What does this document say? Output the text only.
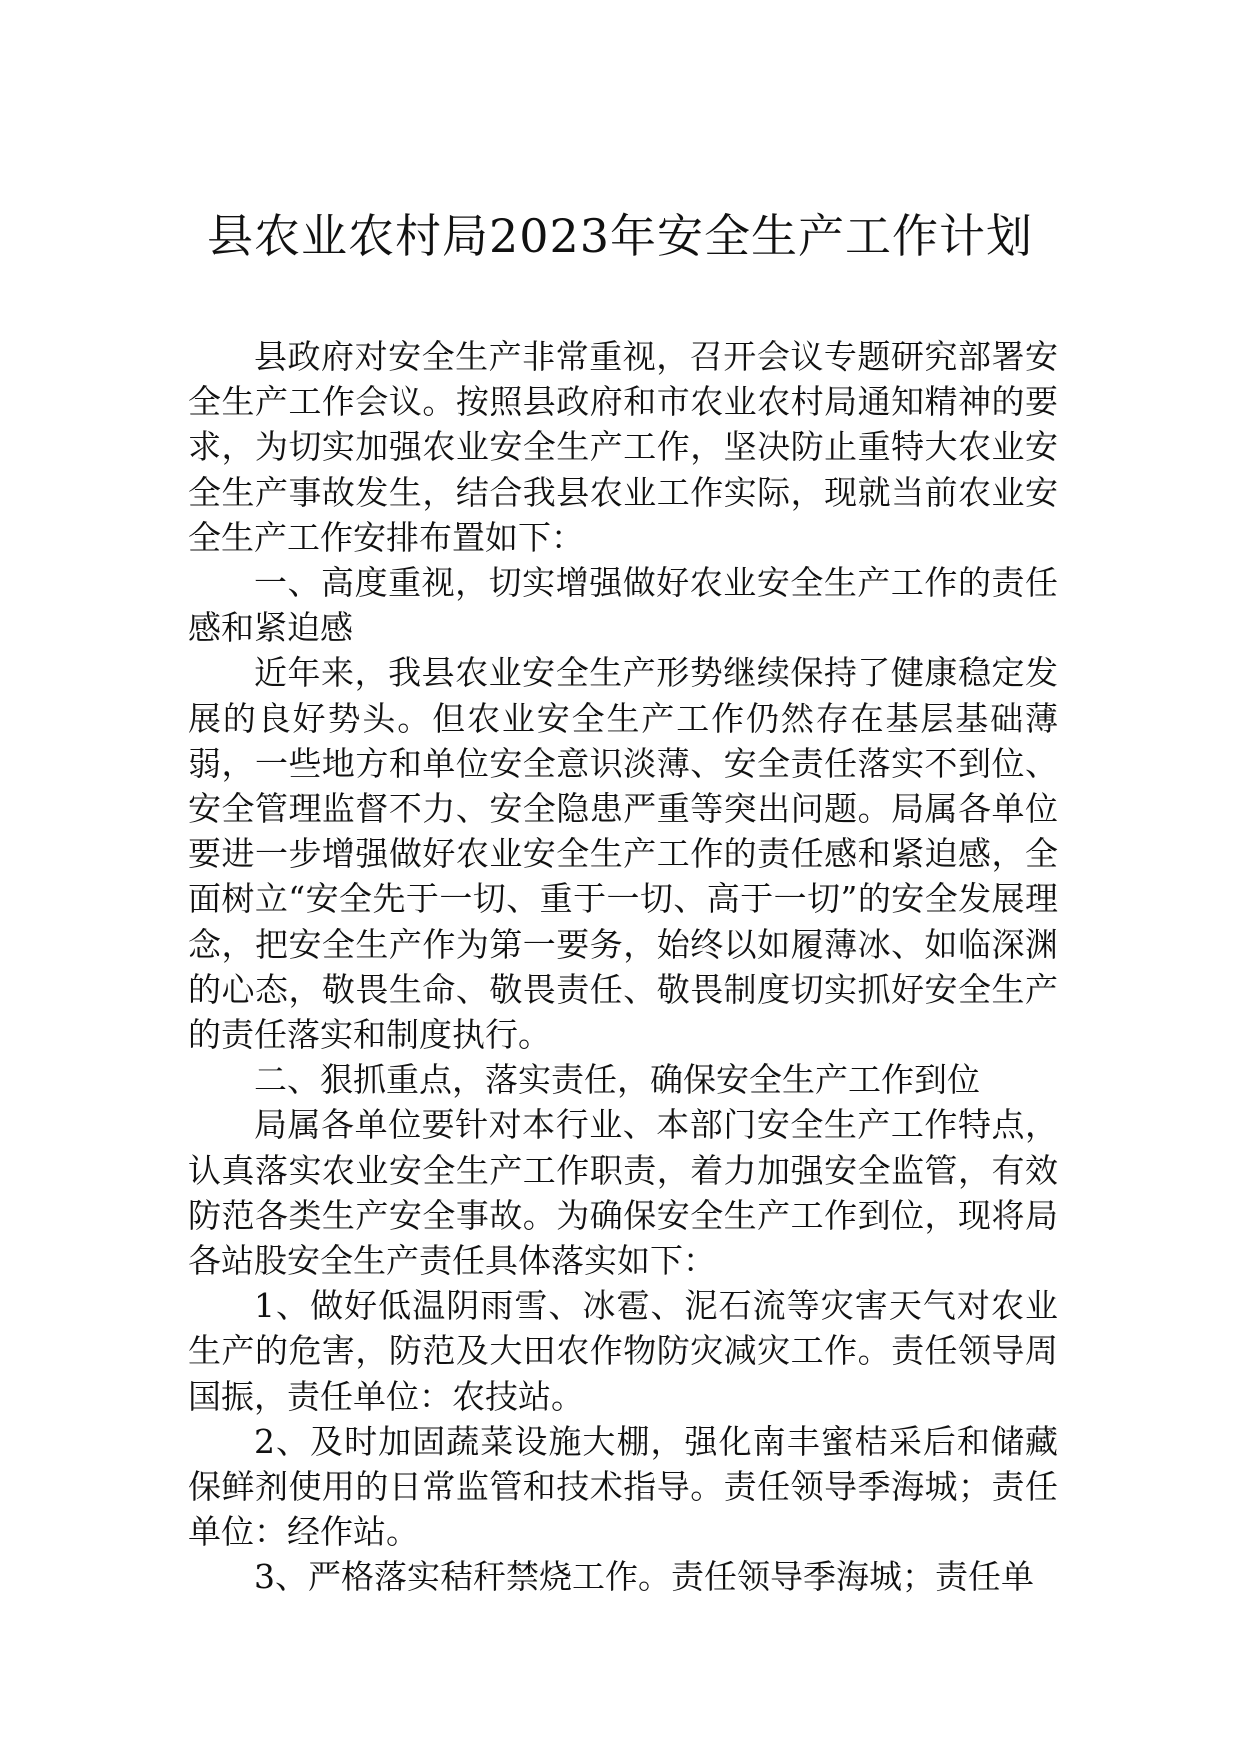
县农业农村局2023年安全生产工作计划

县政府对安全生产非常重视，召开会议专题研究部署安全生产工作会议。按照县政府和市农业农村局通知精神的要求，为切实加强农业安全生产工作，坚决防止重特大农业安全生产事故发生，结合我县农业工作实际，现就当前农业安全生产工作安排布置如下：

一、高度重视，切实增强做好农业安全生产工作的责任感和紧迫感

近年来，我县农业安全生产形势继续保持了健康稳定发展的良好势头。但农业安全生产工作仍然存在基层基础薄弱，一些地方和单位安全意识淡薄、安全责任落实不到位、安全管理监督不力、安全隐患严重等突出问题。局属各单位要进一步增强做好农业安全生产工作的责任感和紧迫感，全面树立“安全先于一切、重于一切、高于一切”的安全发展理念，把安全生产作为第一要务，始终以如履薄冰、如临深渊的心态，敬畏生命、敬畏责任、敬畏制度切实抓好安全生产的责任落实和制度执行。

二、狠抓重点，落实责任，确保安全生产工作到位

局属各单位要针对本行业、本部门安全生产工作特点，认真落实农业安全生产工作职责，着力加强安全监管，有效防范各类生产安全事故。为确保安全生产工作到位，现将局各站股安全生产责任具体落实如下：

1、做好低温阴雨雪、冰雹、泥石流等灾害天气对农业生产的危害，防范及大田农作物防灾减灾工作。责任领导周国振，责任单位：农技站。

2、及时加固蔬菜设施大棚，强化南丰蜜桔采后和储藏保鲜剂使用的日常监管和技术指导。责任领导季海城；责任单位：经作站。

3、严格落实秸秆禁烧工作。责任领导季海城；责任单
